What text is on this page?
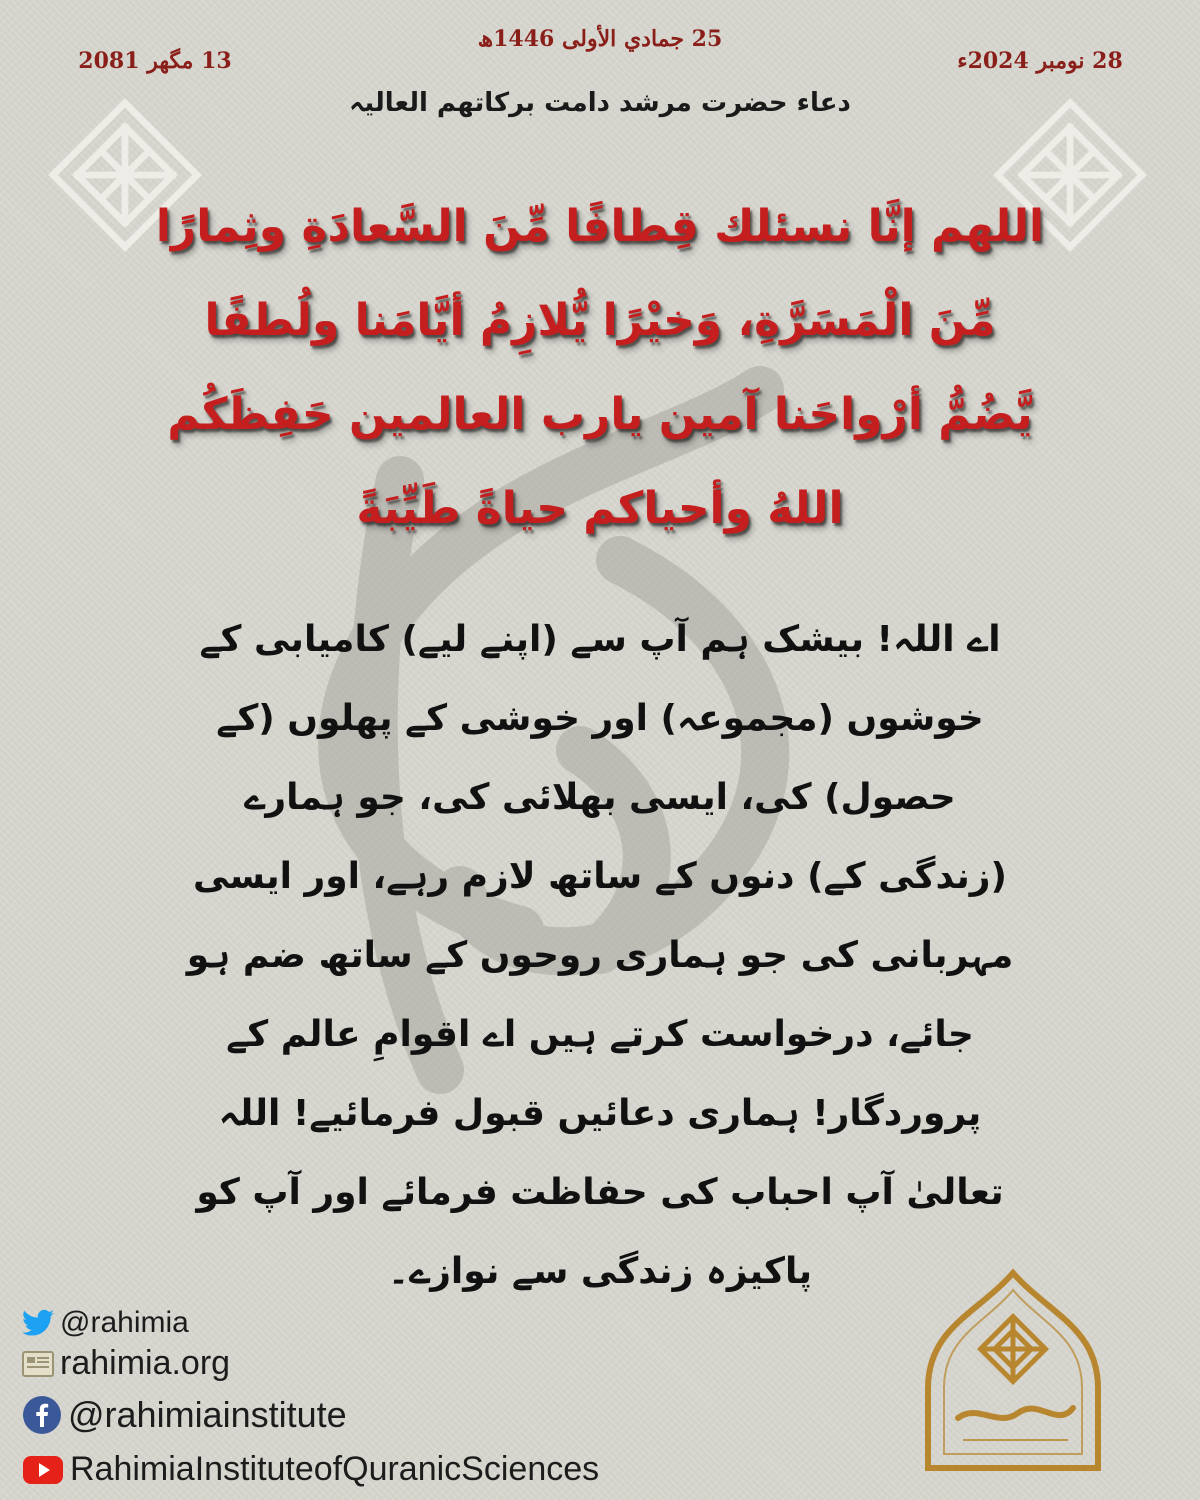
25 جمادي الأولى 1446ھ
13 مگھر 2081	28 نومبر 2024ء
دعاء حضرت مرشد دامت برکاتھم العالیہ
اللهم إنَّا نسئلك قِطافًا مِّنَ السَّعادَةِ وثِمارًا مِّنَ الْمَسَرَّةِ، وَخيْرًا يُّلازِمُ أيَّامَنا ولُطفًا يَّضُمُّ أرْواحَنا آمين يارب العالمين حَفِظَكُم اللهُ وأحياكم حياةً طَيِّبَةً
اے اللہ! بیشک ہم آپ سے (اپنے لیے) کامیابی کے خوشوں (مجموعہ) اور خوشی کے پھلوں (کے حصول) کی، ایسی بھلائی کی، جو ہمارے (زندگی کے) دنوں کے ساتھ لازم رہے، اور ایسی مہربانی کی جو ہماری روحوں کے ساتھ ضم ہو جائے، درخواست کرتے ہیں اے اقوامِ عالم کے پروردگار! ہماری دعائیں قبول فرمائیے! اللہ تعالیٰ آپ احباب کی حفاظت فرمائے اور آپ کو پاکیزہ زندگی سے نوازے۔
@rahimia
rahimia.org
@rahimiainstitute
RahimiaInstituteofQuranicSciences
